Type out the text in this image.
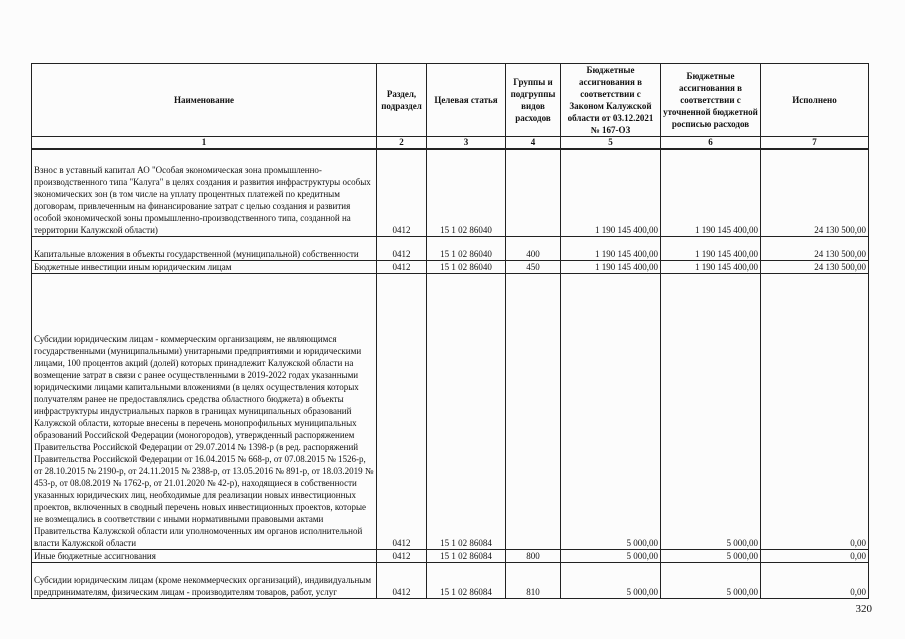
Наименование	Раздел, подраздел	Целевая статья	Группы и подгруппы видов расходов	Бюджетные ассигнования в соответствии с Законом Калужской области от 03.12.2021 № 167-ОЗ	Бюджетные ассигнования в соответствии с уточненной бюджетной росписью расходов	Исполнено
1	2	3	4	5	6	7
Взнос в уставный капитал АО "Особая экономическая зона промышленно-производственного типа "Калуга" в целях создания и развития инфраструктуры особых экономических зон (в том числе на уплату процентных платежей по кредитным договорам, привлеченным на финансирование затрат с целью создания и развития особой экономической зоны промышленно-производственного типа, созданной на территории Калужской области)	0412	15 1 02 86040		1 190 145 400,00	1 190 145 400,00	24 130 500,00
Капитальные вложения в объекты государственной (муниципальной) собственности	0412	15 1 02 86040	400	1 190 145 400,00	1 190 145 400,00	24 130 500,00
Бюджетные инвестиции иным юридическим лицам	0412	15 1 02 86040	450	1 190 145 400,00	1 190 145 400,00	24 130 500,00
Субсидии юридическим лицам - коммерческим организациям, не являющимся государственными (муниципальными) унитарными предприятиями и юридическими лицами, 100 процентов акций (долей) которых принадлежит Калужской области на возмещение затрат в связи с ранее осуществленными в 2019-2022 годах указанными юридическими лицами капитальными вложениями (в целях осуществления которых получателям ранее не предоставлялись средства областного бюджета) в объекты инфраструктуры индустриальных парков в границах муниципальных образований Калужской области, которые внесены в перечень монопрофильных муниципальных образований Российской Федерации (моногородов), утвержденный распоряжением Правительства Российской Федерации от 29.07.2014 № 1398-р (в ред. распоряжений Правительства Российской Федерации от 16.04.2015 № 668-р, от 07.08.2015 № 1526-р, от 28.10.2015 № 2190-р, от 24.11.2015 № 2388-р, от 13.05.2016 № 891-р, от 18.03.2019 № 453-р, от 08.08.2019 № 1762-р, от 21.01.2020 № 42-р), находящиеся в собственности указанных юридических лиц, необходимые для реализации новых инвестиционных проектов, включенных в сводный перечень новых инвестиционных проектов, которые не возмещались в соответствии с иными нормативными правовыми актами Правительства Калужской области или уполномоченных им органов исполнительной власти Калужской области	0412	15 1 02 86084		5 000,00	5 000,00	0,00
Иные бюджетные ассигнования	0412	15 1 02 86084	800	5 000,00	5 000,00	0,00
Субсидии юридическим лицам (кроме некоммерческих организаций), индивидуальным предпринимателям, физическим лицам - производителям товаров, работ, услуг	0412	15 1 02 86084	810	5 000,00	5 000,00	0,00
320
